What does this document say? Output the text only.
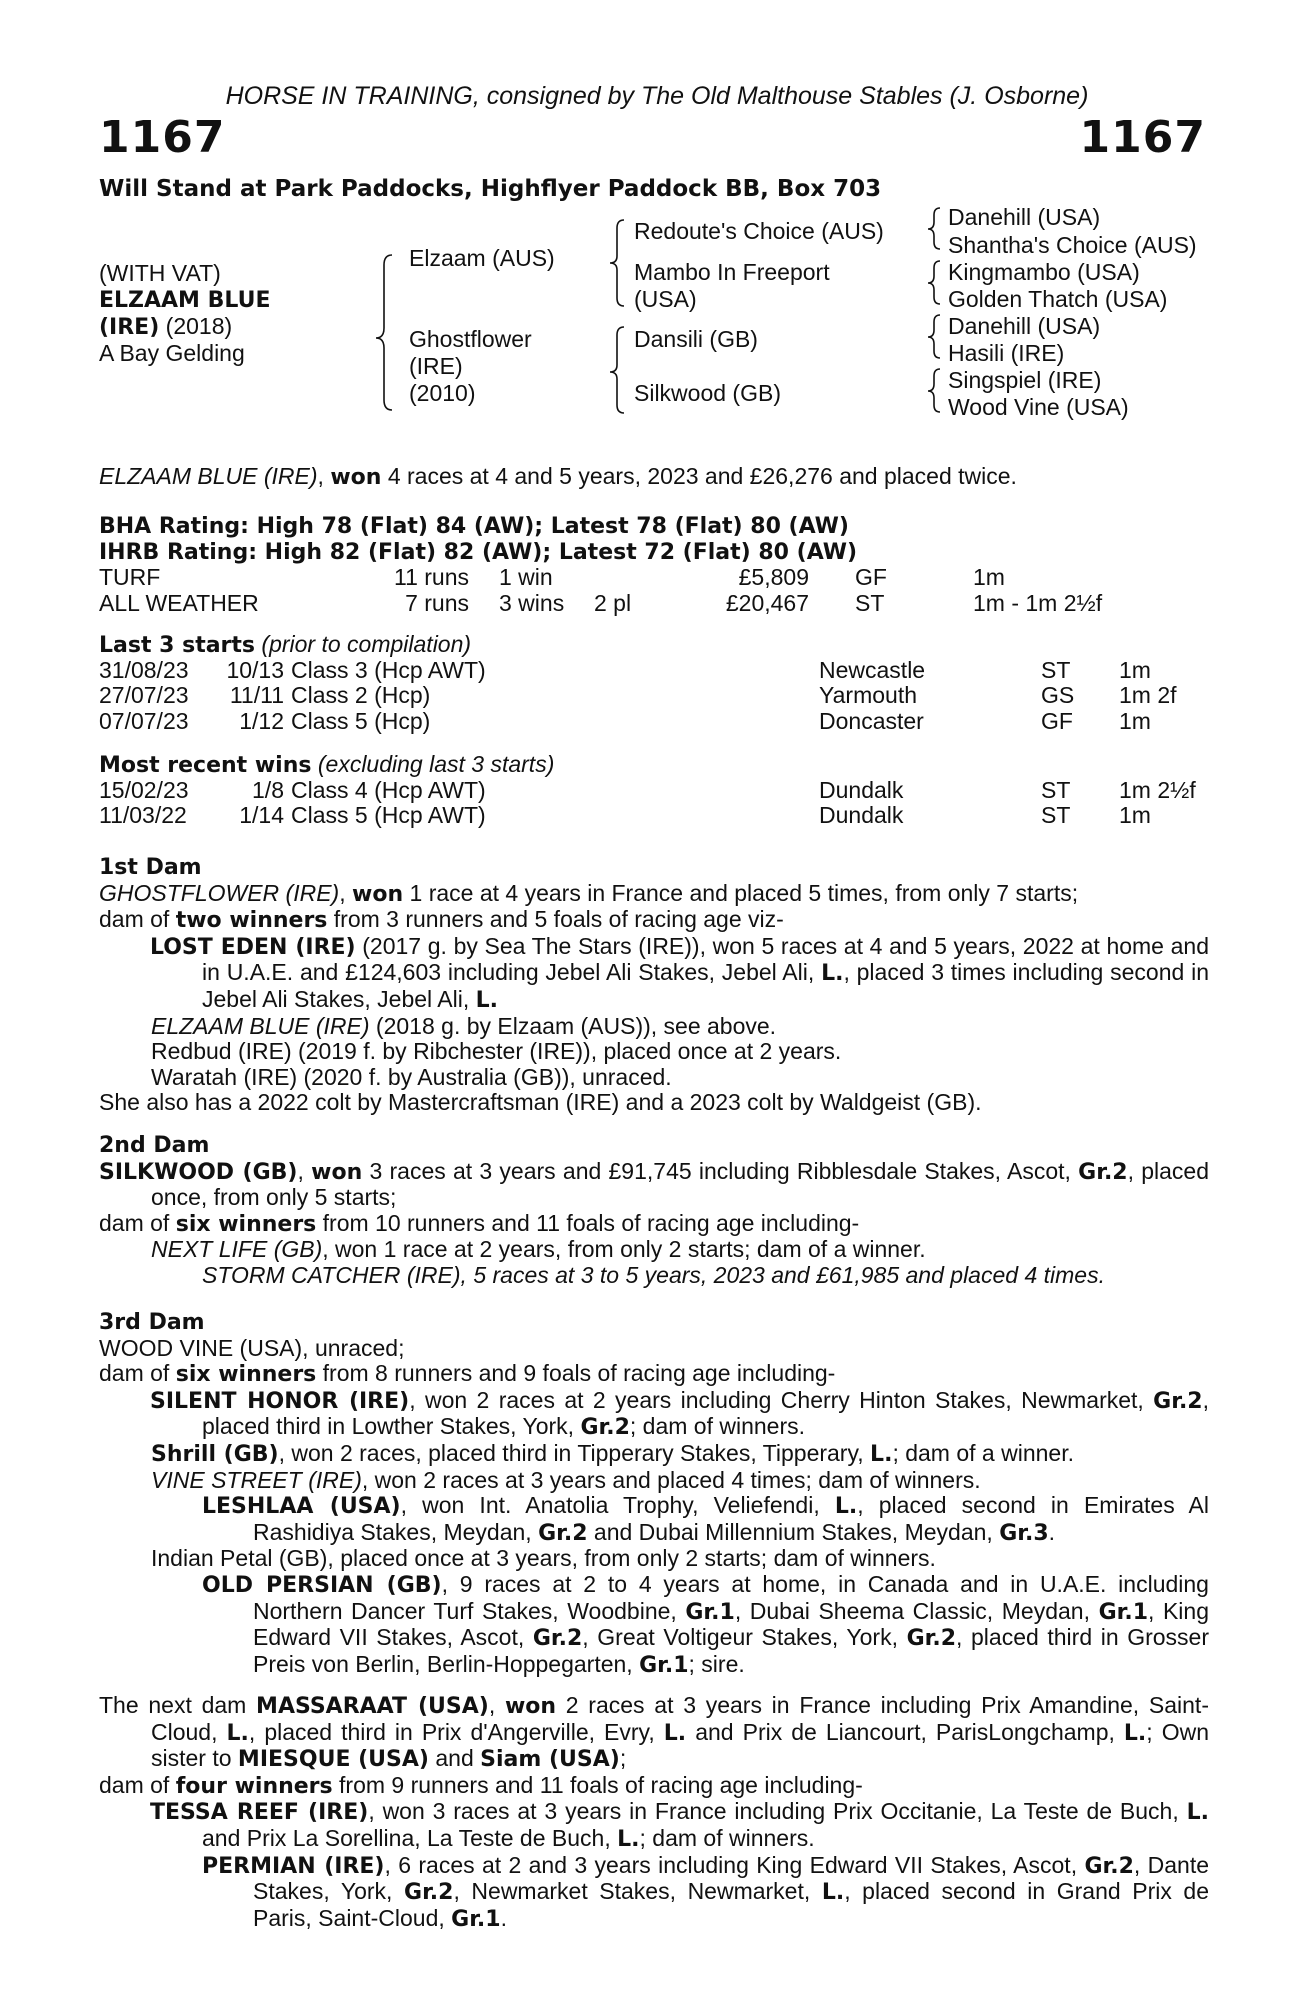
HORSE IN TRAINING, consigned by The Old Malthouse Stables (J. Osborne)
1167	1167
Will Stand at Park Paddocks, Highflyer Paddock BB, Box 703
(WITH VAT)
ELZAAM BLUE
(IRE) (2018)
A Bay Gelding
Elzaam (AUS)
Ghostflower
(IRE)
(2010)
Redoute's Choice (AUS)
Mambo In Freeport
(USA)
Dansili (GB)
Silkwood (GB)
Danehill (USA)
Shantha's Choice (AUS)
Kingmambo (USA)
Golden Thatch (USA)
Danehill (USA)
Hasili (IRE)
Singspiel (IRE)
Wood Vine (USA)
ELZAAM BLUE (IRE), won 4 races at 4 and 5 years, 2023 and £26,276 and placed twice.
BHA Rating: High 78 (Flat) 84 (AW); Latest 78 (Flat) 80 (AW)
IHRB Rating: High 82 (Flat) 82 (AW); Latest 72 (Flat) 80 (AW)
TURF	11 runs 1 win	£5,809 GF	1m
ALL WEATHER	7 runs 3 wins 2 pl	£20,467 ST	1m - 1m 2½f
Last 3 starts (prior to compilation)
31/08/23	10/13 Class 3 (Hcp AWT)	Newcastle	ST 1m
27/07/23	11/11 Class 2 (Hcp)	Yarmouth	GS 1m 2f
07/07/23	1/12 Class 5 (Hcp)	Doncaster	GF 1m
Most recent wins (excluding last 3 starts)
15/02/23	1/8 Class 4 (Hcp AWT)	Dundalk	ST 1m 2½f
11/03/22	1/14 Class 5 (Hcp AWT)	Dundalk	ST 1m
1st Dam

GHOSTFLOWER (IRE), won 1 race at 4 years in France and placed 5 times, from only 7 starts;

dam of two winners from 3 runners and 5 foals of racing age viz-

LOST EDEN (IRE) (2017 g. by Sea The Stars (IRE)), won 5 races at 4 and 5 years, 2022 at home and in U.A.E. and £124,603 including Jebel Ali Stakes, Jebel Ali, L., placed 3 times including second in Jebel Ali Stakes, Jebel Ali, L.

ELZAAM BLUE (IRE) (2018 g. by Elzaam (AUS)), see above.

Redbud (IRE) (2019 f. by Ribchester (IRE)), placed once at 2 years.

Waratah (IRE) (2020 f. by Australia (GB)), unraced.

She also has a 2022 colt by Mastercraftsman (IRE) and a 2023 colt by Waldgeist (GB).

2nd Dam

SILKWOOD (GB), won 3 races at 3 years and £91,745 including Ribblesdale Stakes, Ascot, Gr.2, placed once, from only 5 starts;

dam of six winners from 10 runners and 11 foals of racing age including-

NEXT LIFE (GB), won 1 race at 2 years, from only 2 starts; dam of a winner.

STORM CATCHER (IRE), 5 races at 3 to 5 years, 2023 and £61,985 and placed 4 times.

3rd Dam

WOOD VINE (USA), unraced;

dam of six winners from 8 runners and 9 foals of racing age including-

SILENT HONOR (IRE), won 2 races at 2 years including Cherry Hinton Stakes, Newmarket, Gr.2, placed third in Lowther Stakes, York, Gr.2; dam of winners.

Shrill (GB), won 2 races, placed third in Tipperary Stakes, Tipperary, L.; dam of a winner.

VINE STREET (IRE), won 2 races at 3 years and placed 4 times; dam of winners.

LESHLAA (USA), won Int. Anatolia Trophy, Veliefendi, L., placed second in Emirates Al Rashidiya Stakes, Meydan, Gr.2 and Dubai Millennium Stakes, Meydan, Gr.3.

Indian Petal (GB), placed once at 3 years, from only 2 starts; dam of winners.

OLD PERSIAN (GB), 9 races at 2 to 4 years at home, in Canada and in U.A.E. including Northern Dancer Turf Stakes, Woodbine, Gr.1, Dubai Sheema Classic, Meydan, Gr.1, King Edward VII Stakes, Ascot, Gr.2, Great Voltigeur Stakes, York, Gr.2, placed third in Grosser Preis von Berlin, Berlin-Hoppegarten, Gr.1; sire.

The next dam MASSARAAT (USA), won 2 races at 3 years in France including Prix Amandine, Saint-Cloud, L., placed third in Prix d'Angerville, Evry, L. and Prix de Liancourt, ParisLongchamp, L.; Own sister to MIESQUE (USA) and Siam (USA);

dam of four winners from 9 runners and 11 foals of racing age including-

TESSA REEF (IRE), won 3 races at 3 years in France including Prix Occitanie, La Teste de Buch, L. and Prix La Sorellina, La Teste de Buch, L.; dam of winners.

PERMIAN (IRE), 6 races at 2 and 3 years including King Edward VII Stakes, Ascot, Gr.2, Dante Stakes, York, Gr.2, Newmarket Stakes, Newmarket, L., placed second in Grand Prix de Paris, Saint-Cloud, Gr.1.
